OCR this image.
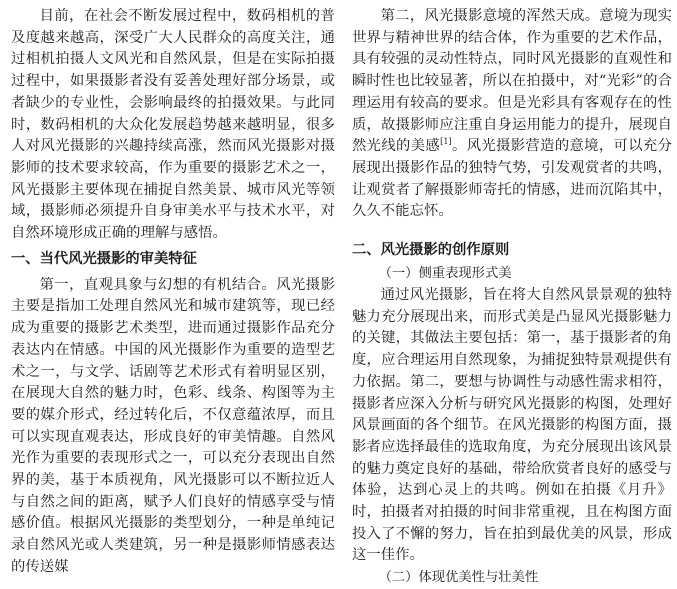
目前，在社会不断发展过程中，数码相机的普及度越来越高，深受广大人民群众的高度关注，通过相机拍摄人文风光和自然风景，但是在实际拍摄过程中，如果摄影者没有妥善处理好部分场景，或者缺少的专业性，会影响最终的拍摄效果。与此同时，数码相机的大众化发展趋势越来越明显，很多人对风光摄影的兴趣持续高涨，然而风光摄影对摄影师的技术要求较高，作为重要的摄影艺术之一，风光摄影主要体现在捕捉自然美景、城市风光等领域，摄影师必须提升自身审美水平与技术水平，对自然环境形成正确的理解与感悟。

一、当代风光摄影的审美特征

第一，直观具象与幻想的有机结合。风光摄影主要是指加工处理自然风光和城市建筑等，现已经成为重要的摄影艺术类型，进而通过摄影作品充分表达内在情感。中国的风光摄影作为重要的造型艺术之一，与文学、话剧等艺术形式有着明显区别，在展现大自然的魅力时，色彩、线条、构图等为主要的媒介形式，经过转化后，不仅意蕴浓厚，而且可以实现直观表达，形成良好的审美情趣。自然风光作为重要的表现形式之一，可以充分表现出自然界的美，基于本质视角，风光摄影可以不断拉近人与自然之间的距离，赋予人们良好的情感享受与情感价值。根据风光摄影的类型划分，一种是单纯记录自然风光或人类建筑，另一种是摄影师情感表达的传送媒

第二，风光摄影意境的浑然天成。意境为现实世界与精神世界的结合体，作为重要的艺术作品，具有较强的灵动性特点，同时风光摄影的直观性和瞬时性也比较显著，所以在拍摄中，对“光彩”的合理运用有较高的要求。但是光彩具有客观存在的性质，故摄影师应注重自身运用能力的提升，展现自然光线的美感[1]。风光摄影营造的意境，可以充分展现出摄影作品的独特气势，引发观赏者的共鸣，让观赏者了解摄影师寄托的情感，进而沉陷其中，久久不能忘怀。

二、风光摄影的创作原则
（一）侧重表现形式美

通过风光摄影，旨在将大自然风景景观的独特魅力充分展现出来，而形式美是凸显风光摄影魅力的关键，其做法主要包括：第一，基于摄影者的角度，应合理运用自然现象，为捕捉独特景观提供有力依据。第二，要想与协调性与动感性需求相符，摄影者应深入分析与研究风光摄影的构图，处理好风景画面的各个细节。在风光摄影的构图方面，摄影者应选择最佳的选取角度，为充分展现出该风景的魅力奠定良好的基础，带给欣赏者良好的感受与体验，达到心灵上的共鸣。例如在拍摄《月升》时，拍摄者对拍摄的时间非常重视，且在构图方面投入了不懈的努力，旨在拍到最优美的风景，形成这一佳作。

（二）体现优美性与壮美性
